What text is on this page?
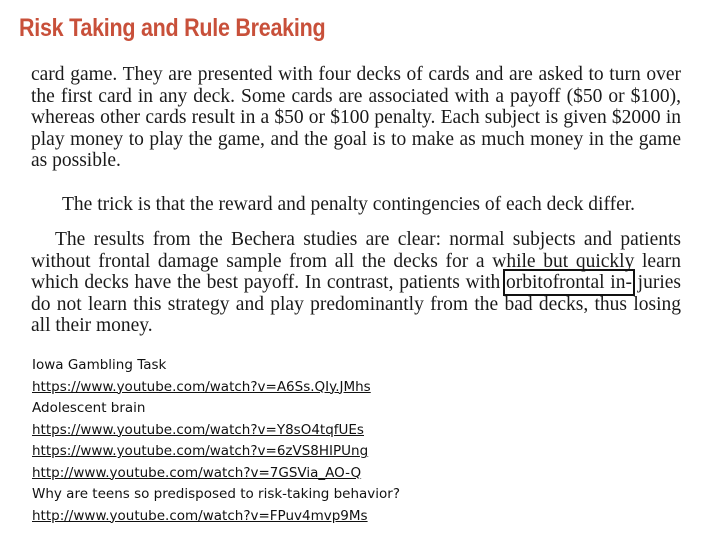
Risk Taking and Rule Breaking
card game. They are presented with four decks of cards and are asked to turn over the first card in any deck. Some cards are associated with a payoff ($50 or $100), whereas other cards result in a $50 or $100 penalty. Each subject is given $2000 in play money to play the game, and the goal is to make as much money in the game as possible.
The trick is that the reward and penalty contingencies of each deck differ.
The results from the Bechera studies are clear: normal subjects and patients without frontal damage sample from all the decks for a while but quickly learn which decks have the best payoff. In contrast, patients with orbitofrontal in- juries do not learn this strategy and play predominantly from the bad decks, thus losing all their money.
Iowa Gambling Task
https://www.youtube.com/watch?v=A6Ss.QIy.JMhs
Adolescent brain
https://www.youtube.com/watch?v=Y8sO4tqfUEs
https://www.youtube.com/watch?v=6zVS8HIPUng
http://www.youtube.com/watch?v=7GSVia_AO-Q
Why are teens so predisposed to risk-taking behavior?
http://www.youtube.com/watch?v=FPuv4mvp9Ms
